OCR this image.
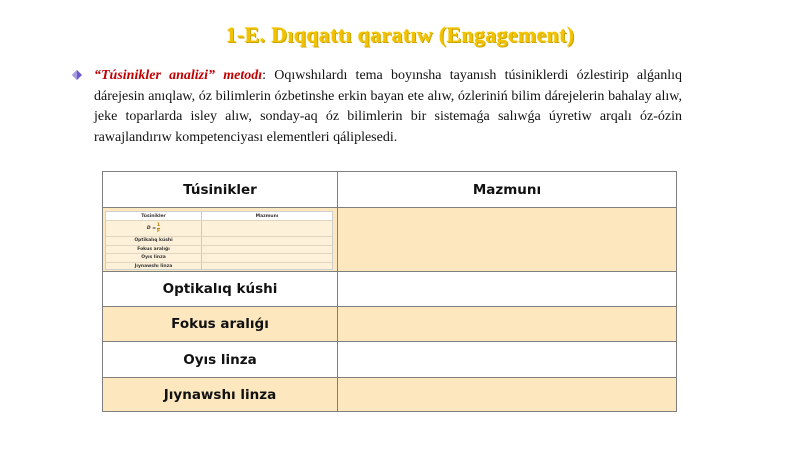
1-E. Dıqqattı qaratıw (Engagement)

“Túsinikler analizi” metodı: Oqıwshılardı tema boyınsha tayanısh túsiniklerdi ózlestirip alǵanlıq dárejesin anıqlaw, óz bilimlerin ózbetinshe erkin bayan ete alıw, ózleriniń bilim dárejelerin bahalay alıw, jeke toparlarda isley alıw, sonday-aq óz bilimlerin bir sistemaǵa salıwǵa úyretiw arqalı óz-ózin rawajlandırıw kompetenciyası elementleri qáliplesedi.

Túsinikler	Mazmunı
Túsinikler	Mazmunı
$D = \frac{1}{F}$
Optikalıq kúshi
Fokus aralıǵı
Oyıs linza
Jıynawshı linza
Optikalıq kúshi
Fokus aralıǵı
Oyıs linza
Jıynawshı linza
